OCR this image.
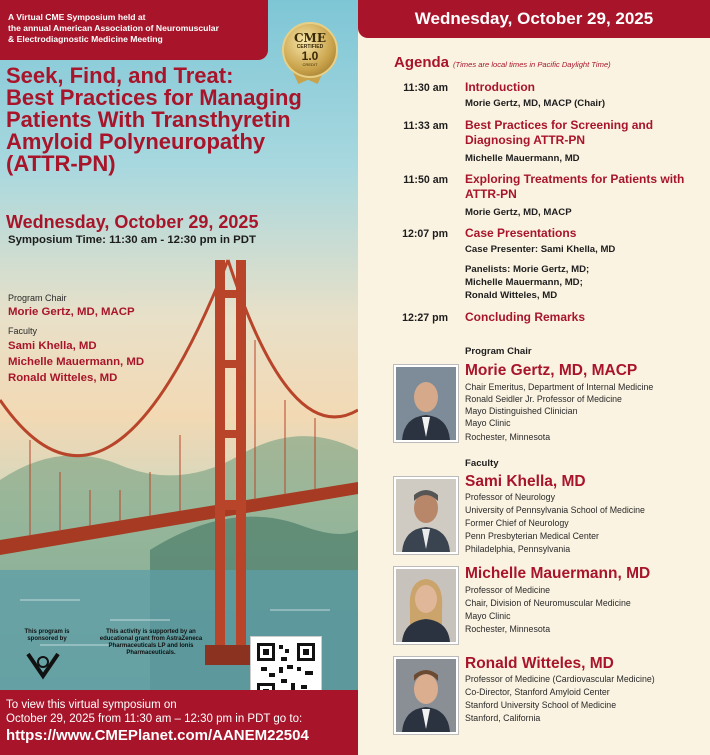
A Virtual CME Symposium held at
the annual American Association of Neuromuscular
& Electrodiagnostic Medicine Meeting	CME
CERTIFIED
1.0
CREDIT
Seek, Find, and Treat:
Best Practices for Managing
Patients With Transthyretin
Amyloid Polyneuropathy
(ATTR-PN)
Wednesday, October 29, 2025
Symposium Time: 11:30 am - 12:30 pm in PDT
Program Chair
Morie Gertz, MD, MACP
Faculty
Sami Khella, MD
Michelle Mauermann, MD
Ronald Witteles, MD
This program is sponsored by
This activity is supported by an educational grant from AstraZeneca Pharmaceuticals LP and Ionis Pharmaceuticals.
To view this virtual symposium on
October 29, 2025 from 11:30 am – 12:30 pm in PDT go to:
https://www.CMEPlanet.com/AANEM22504
Wednesday, October 29, 2025
Agenda (Times are local times in Pacific Daylight Time)
11:30 am Introduction
Morie Gertz, MD, MACP (Chair)
11:33 am Best Practices for Screening and Diagnosing ATTR-PN
Michelle Mauermann, MD
11:50 am Exploring Treatments for Patients with ATTR-PN
Morie Gertz, MD, MACP
12:07 pm Case Presentations
Case Presenter: Sami Khella, MD
Panelists: Morie Gertz, MD;
Michelle Mauermann, MD;
Ronald Witteles, MD
12:27 pm Concluding Remarks
Program Chair
Morie Gertz, MD, MACP
Chair Emeritus, Department of Internal Medicine
Ronald Seidler Jr. Professor of Medicine
Mayo Distinguished Clinician
Mayo Clinic
Rochester, Minnesota
Faculty
Sami Khella, MD
Professor of Neurology
University of Pennsylvania School of Medicine
Former Chief of Neurology
Penn Presbyterian Medical Center
Philadelphia, Pennsylvania
Michelle Mauermann, MD
Professor of Medicine
Chair, Division of Neuromuscular Medicine
Mayo Clinic
Rochester, Minnesota
Ronald Witteles, MD
Professor of Medicine (Cardiovascular Medicine)
Co-Director, Stanford Amyloid Center
Stanford University School of Medicine
Stanford, California
